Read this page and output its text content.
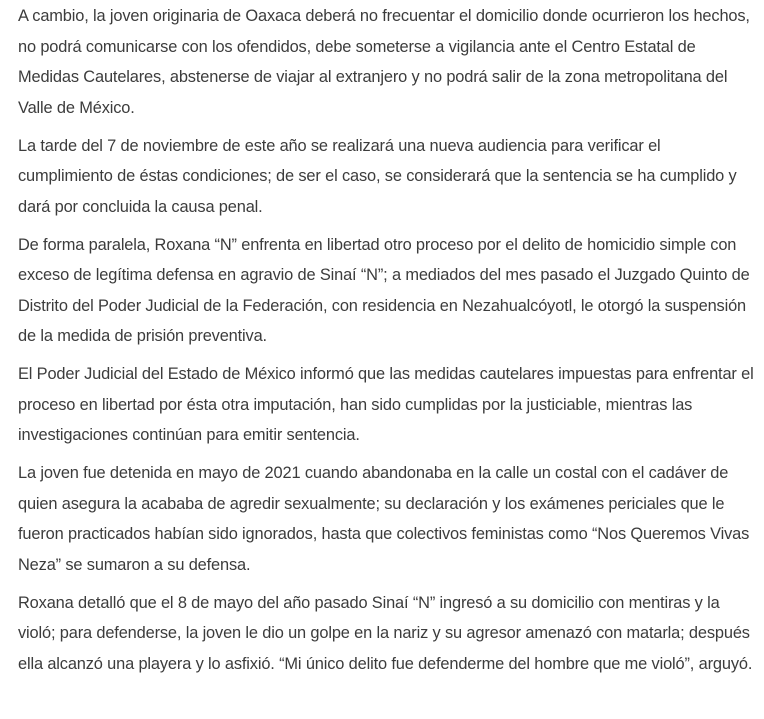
A cambio, la joven originaria de Oaxaca deberá no frecuentar el domicilio donde ocurrieron los hechos, no podrá comunicarse con los ofendidos, debe someterse a vigilancia ante el Centro Estatal de Medidas Cautelares, abstenerse de viajar al extranjero y no podrá salir de la zona metropolitana del Valle de México.

La tarde del 7 de noviembre de este año se realizará una nueva audiencia para verificar el cumplimiento de éstas condiciones; de ser el caso, se considerará que la sentencia se ha cumplido y dará por concluida la causa penal.

De forma paralela, Roxana “N” enfrenta en libertad otro proceso por el delito de homicidio simple con exceso de legítima defensa en agravio de Sinaí “N”; a mediados del mes pasado el Juzgado Quinto de Distrito del Poder Judicial de la Federación, con residencia en Nezahualcóyotl, le otorgó la suspensión de la medida de prisión preventiva.

El Poder Judicial del Estado de México informó que las medidas cautelares impuestas para enfrentar el proceso en libertad por ésta otra imputación, han sido cumplidas por la justiciable, mientras las investigaciones continúan para emitir sentencia.

La joven fue detenida en mayo de 2021 cuando abandonaba en la calle un costal con el cadáver de quien asegura la acababa de agredir sexualmente; su declaración y los exámenes periciales que le fueron practicados habían sido ignorados, hasta que colectivos feministas como “Nos Queremos Vivas Neza” se sumaron a su defensa.

Roxana detalló que el 8 de mayo del año pasado Sinaí “N” ingresó a su domicilio con mentiras y la violó; para defenderse, la joven le dio un golpe en la nariz y su agresor amenazó con matarla; después ella alcanzó una playera y lo asfixió. “Mi único delito fue defenderme del hombre que me violó”, arguyó.
